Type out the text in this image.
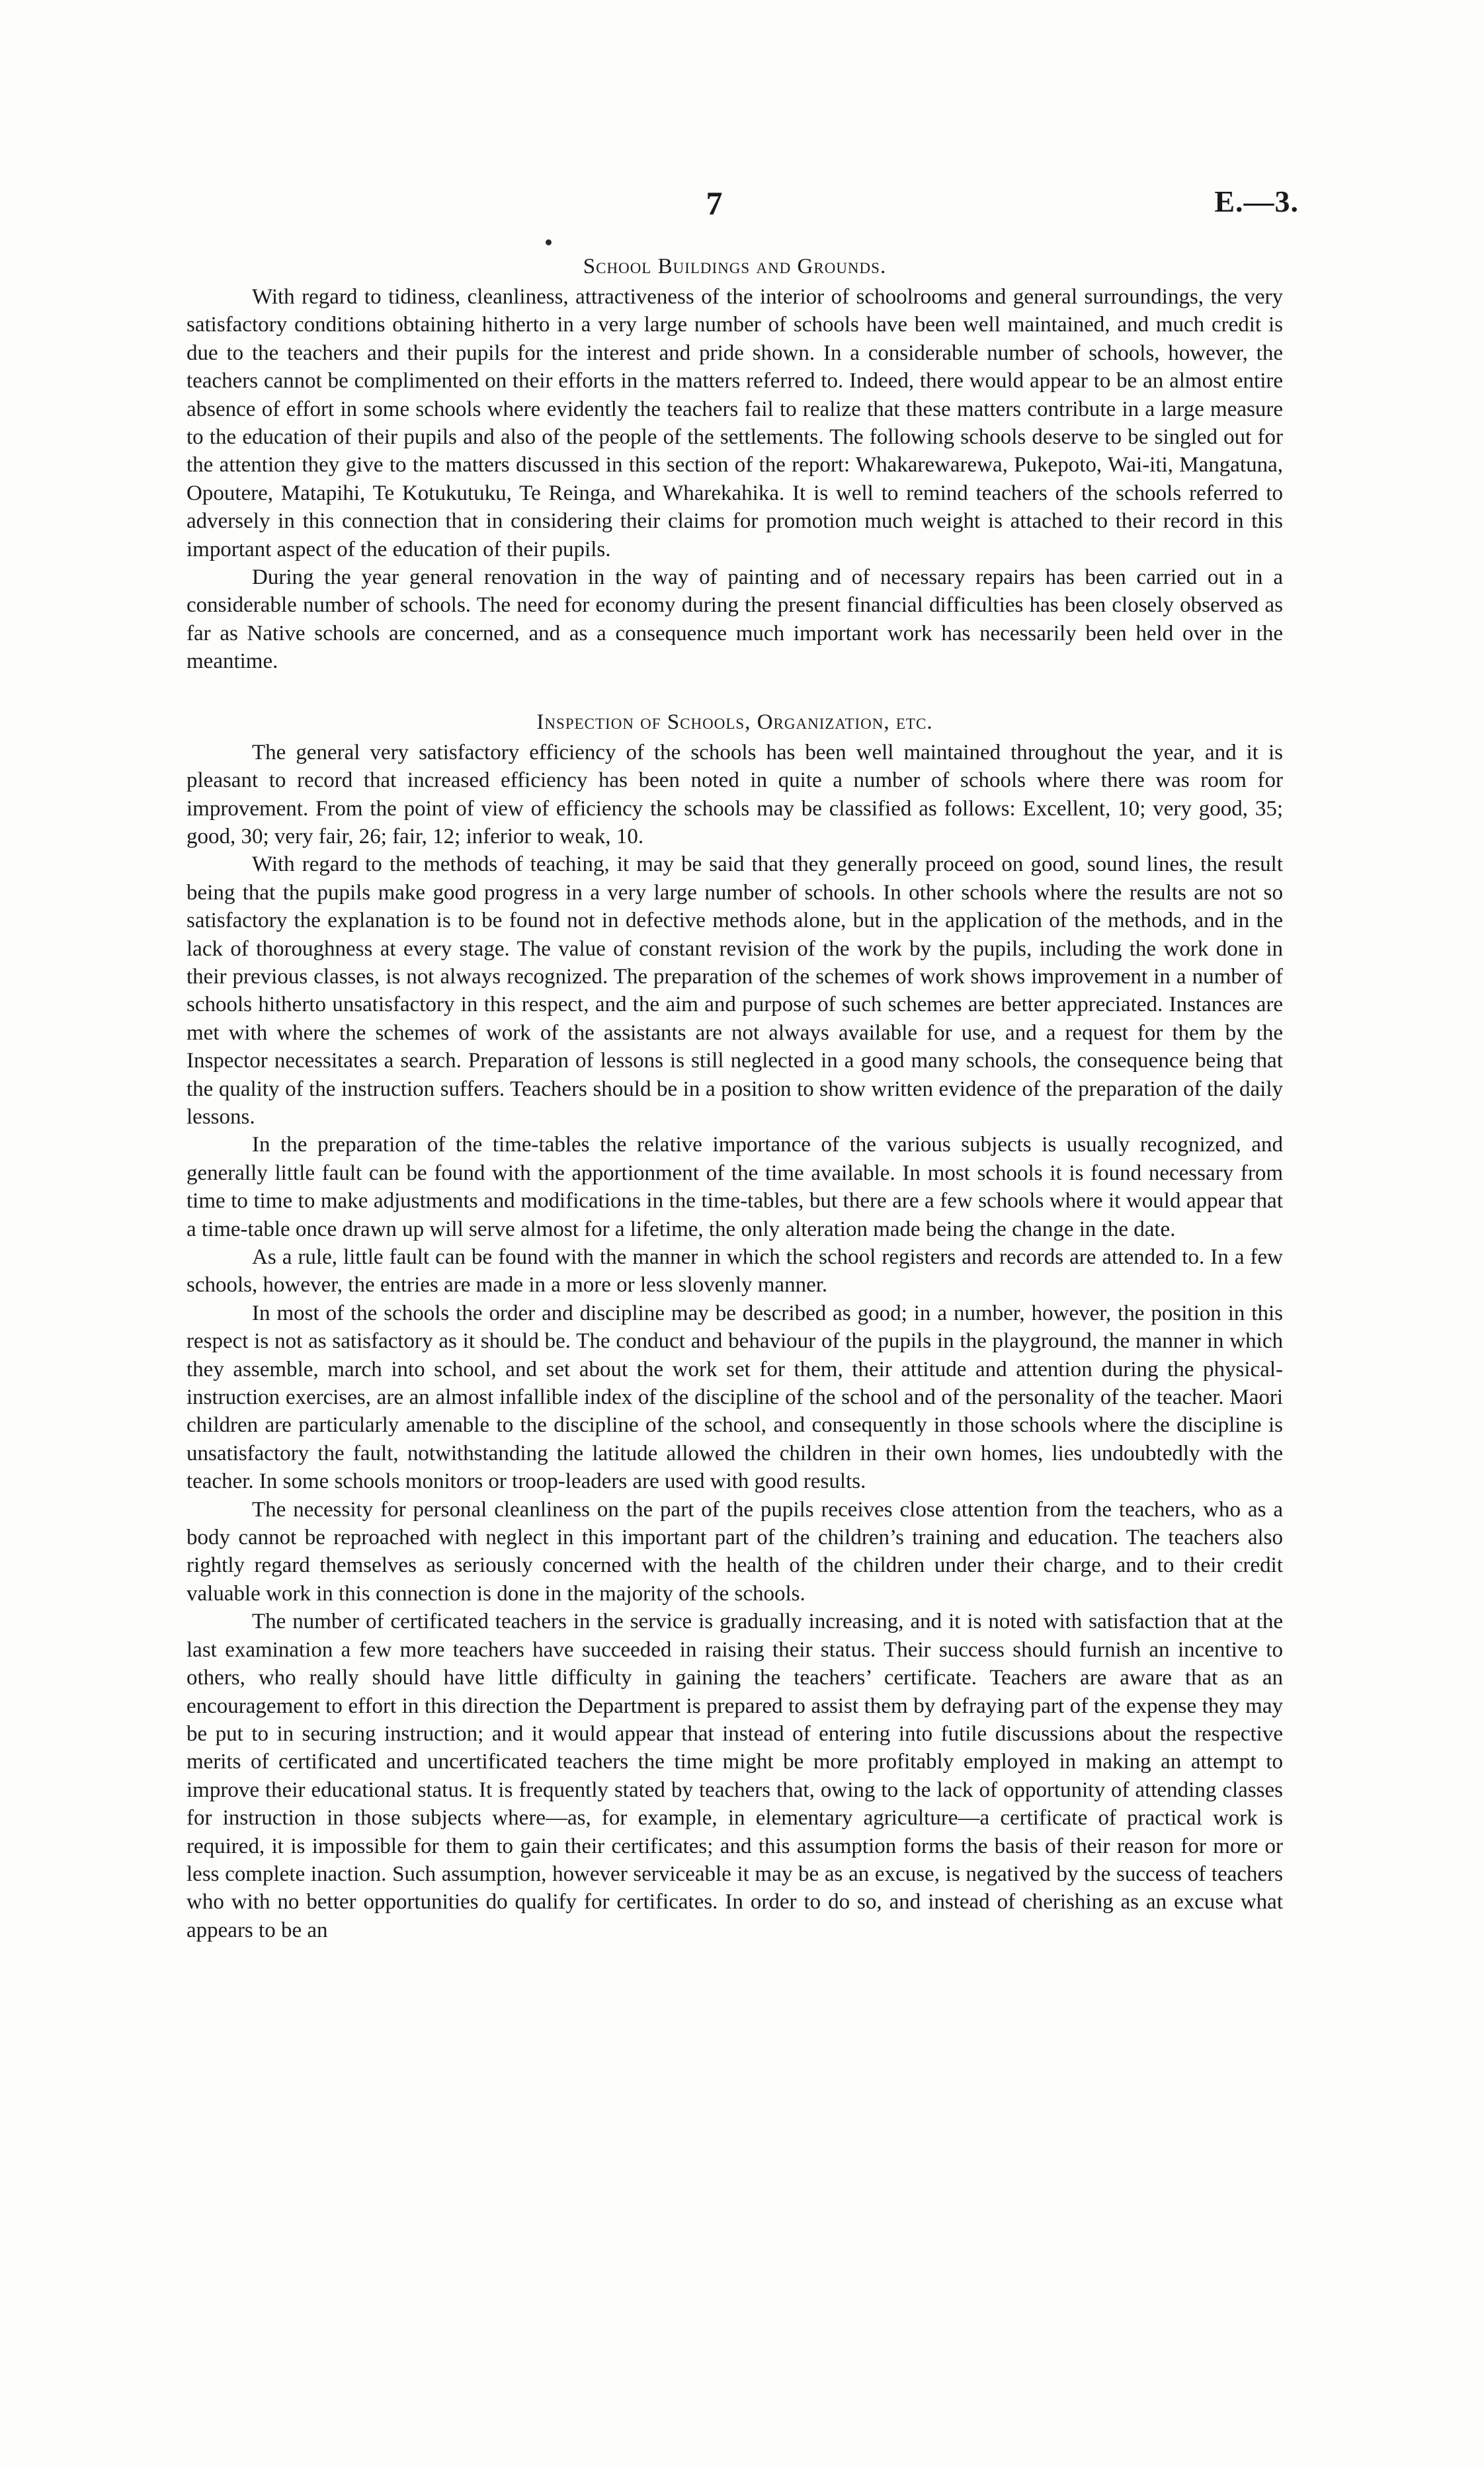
7	E.—3.

School Buildings and Grounds.

With regard to tidiness, cleanliness, attractiveness of the interior of schoolrooms and general surroundings, the very satisfactory conditions obtaining hitherto in a very large number of schools have been well maintained, and much credit is due to the teachers and their pupils for the interest and pride shown. In a considerable number of schools, however, the teachers cannot be complimented on their efforts in the matters referred to. Indeed, there would appear to be an almost entire absence of effort in some schools where evidently the teachers fail to realize that these matters contribute in a large measure to the education of their pupils and also of the people of the settlements. The following schools deserve to be singled out for the attention they give to the matters discussed in this section of the report: Whakarewarewa, Pukepoto, Wai-iti, Mangatuna, Opoutere, Matapihi, Te Kotukutuku, Te Reinga, and Wharekahika. It is well to remind teachers of the schools referred to adversely in this connection that in considering their claims for promotion much weight is attached to their record in this important aspect of the education of their pupils.

During the year general renovation in the way of painting and of necessary repairs has been carried out in a considerable number of schools. The need for economy during the present financial difficulties has been closely observed as far as Native schools are concerned, and as a consequence much important work has necessarily been held over in the meantime.

Inspection of Schools, Organization, etc.

The general very satisfactory efficiency of the schools has been well maintained throughout the year, and it is pleasant to record that increased efficiency has been noted in quite a number of schools where there was room for improvement. From the point of view of efficiency the schools may be classified as follows: Excellent, 10; very good, 35; good, 30; very fair, 26; fair, 12; inferior to weak, 10.

With regard to the methods of teaching, it may be said that they generally proceed on good, sound lines, the result being that the pupils make good progress in a very large number of schools. In other schools where the results are not so satisfactory the explanation is to be found not in defective methods alone, but in the application of the methods, and in the lack of thoroughness at every stage. The value of constant revision of the work by the pupils, including the work done in their previous classes, is not always recognized. The preparation of the schemes of work shows improvement in a number of schools hitherto unsatisfactory in this respect, and the aim and purpose of such schemes are better appreciated. Instances are met with where the schemes of work of the assistants are not always available for use, and a request for them by the Inspector necessitates a search. Preparation of lessons is still neglected in a good many schools, the consequence being that the quality of the instruction suffers. Teachers should be in a position to show written evidence of the preparation of the daily lessons.

In the preparation of the time-tables the relative importance of the various subjects is usually recognized, and generally little fault can be found with the apportionment of the time available. In most schools it is found necessary from time to time to make adjustments and modifications in the time-tables, but there are a few schools where it would appear that a time-table once drawn up will serve almost for a lifetime, the only alteration made being the change in the date.

As a rule, little fault can be found with the manner in which the school registers and records are attended to. In a few schools, however, the entries are made in a more or less slovenly manner.

In most of the schools the order and discipline may be described as good; in a number, however, the position in this respect is not as satisfactory as it should be. The conduct and behaviour of the pupils in the playground, the manner in which they assemble, march into school, and set about the work set for them, their attitude and attention during the physical-instruction exercises, are an almost infallible index of the discipline of the school and of the personality of the teacher. Maori children are particularly amenable to the discipline of the school, and consequently in those schools where the discipline is unsatisfactory the fault, notwithstanding the latitude allowed the children in their own homes, lies undoubtedly with the teacher. In some schools monitors or troop-leaders are used with good results.

The necessity for personal cleanliness on the part of the pupils receives close attention from the teachers, who as a body cannot be reproached with neglect in this important part of the children’s training and education. The teachers also rightly regard themselves as seriously concerned with the health of the children under their charge, and to their credit valuable work in this connection is done in the majority of the schools.

The number of certificated teachers in the service is gradually increasing, and it is noted with satisfaction that at the last examination a few more teachers have succeeded in raising their status. Their success should furnish an incentive to others, who really should have little difficulty in gaining the teachers’ certificate. Teachers are aware that as an encouragement to effort in this direction the Department is prepared to assist them by defraying part of the expense they may be put to in securing instruction; and it would appear that instead of entering into futile discussions about the respective merits of certificated and uncertificated teachers the time might be more profitably employed in making an attempt to improve their educational status. It is frequently stated by teachers that, owing to the lack of opportunity of attending classes for instruction in those subjects where—as, for example, in elementary agriculture—a certificate of practical work is required, it is impossible for them to gain their certificates; and this assumption forms the basis of their reason for more or less complete inaction. Such assumption, however serviceable it may be as an excuse, is negatived by the success of teachers who with no better opportunities do qualify for certificates. In order to do so, and instead of cherishing as an excuse what appears to be an
